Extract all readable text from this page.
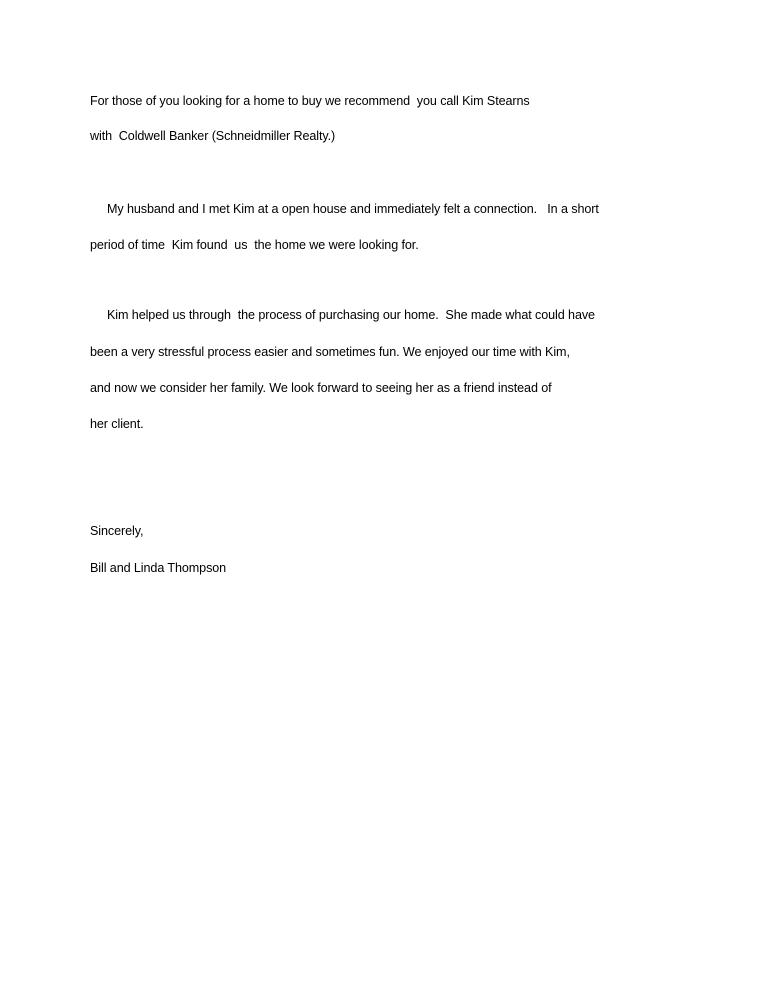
For those of you looking for a home to buy we recommend  you call Kim Stearns
with  Coldwell Banker (Schneidmiller Realty.)
My husband and I met Kim at a open house and immediately felt a connection.   In a short
period of time  Kim found  us  the home we were looking for.
Kim helped us through  the process of purchasing our home.  She made what could have
been a very stressful process easier and sometimes fun. We enjoyed our time with Kim,
and now we consider her family. We look forward to seeing her as a friend instead of
her client.
Sincerely,
Bill and Linda Thompson
